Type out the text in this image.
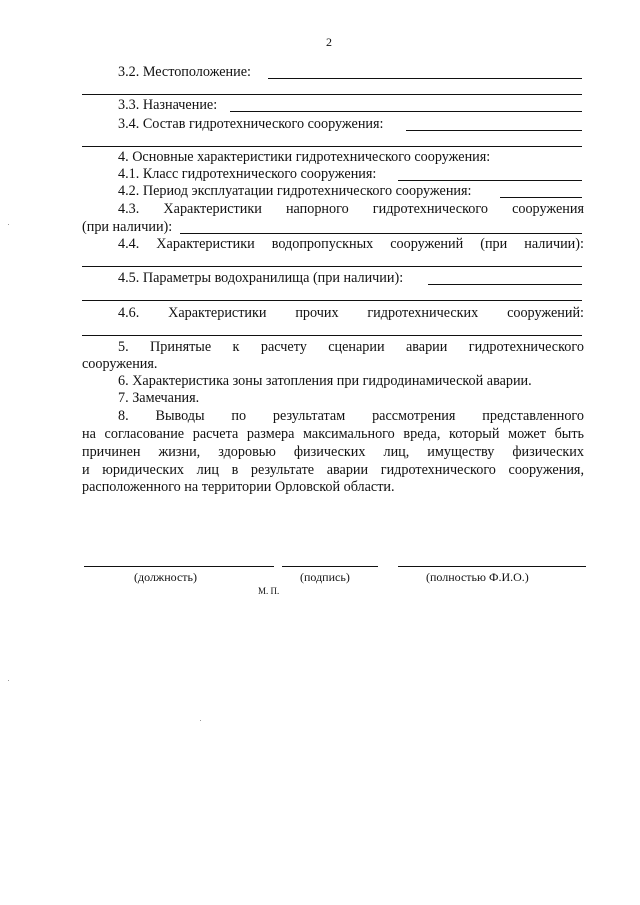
2
3.2. Местоположение:
3.3. Назначение:
3.4. Состав гидротехнического сооружения:
4. Основные характеристики гидротехнического сооружения:
4.1. Класс гидротехнического сооружения:
4.2. Период эксплуатации гидротехнического сооружения:
4.3. Характеристики напорного гидротехнического сооружения
(при наличии):
4.4. Характеристики водопропускных сооружений (при наличии):
4.5. Параметры водохранилища (при наличии):
4.6. Характеристики прочих гидротехнических сооружений:
5. Принятые к расчету сценарии аварии гидротехнического
сооружения.
6. Характеристика зоны затопления при гидродинамической аварии.
7. Замечания.
8. Выводы по результатам рассмотрения представленного
на согласование расчета размера максимального вреда, который может быть
причинен жизни, здоровью физических лиц, имуществу физических
и юридических лиц в результате аварии гидротехнического сооружения,
расположенного на территории Орловской области.
(должность)	(подпись)	(полностью Ф.И.О.)
М. П.
